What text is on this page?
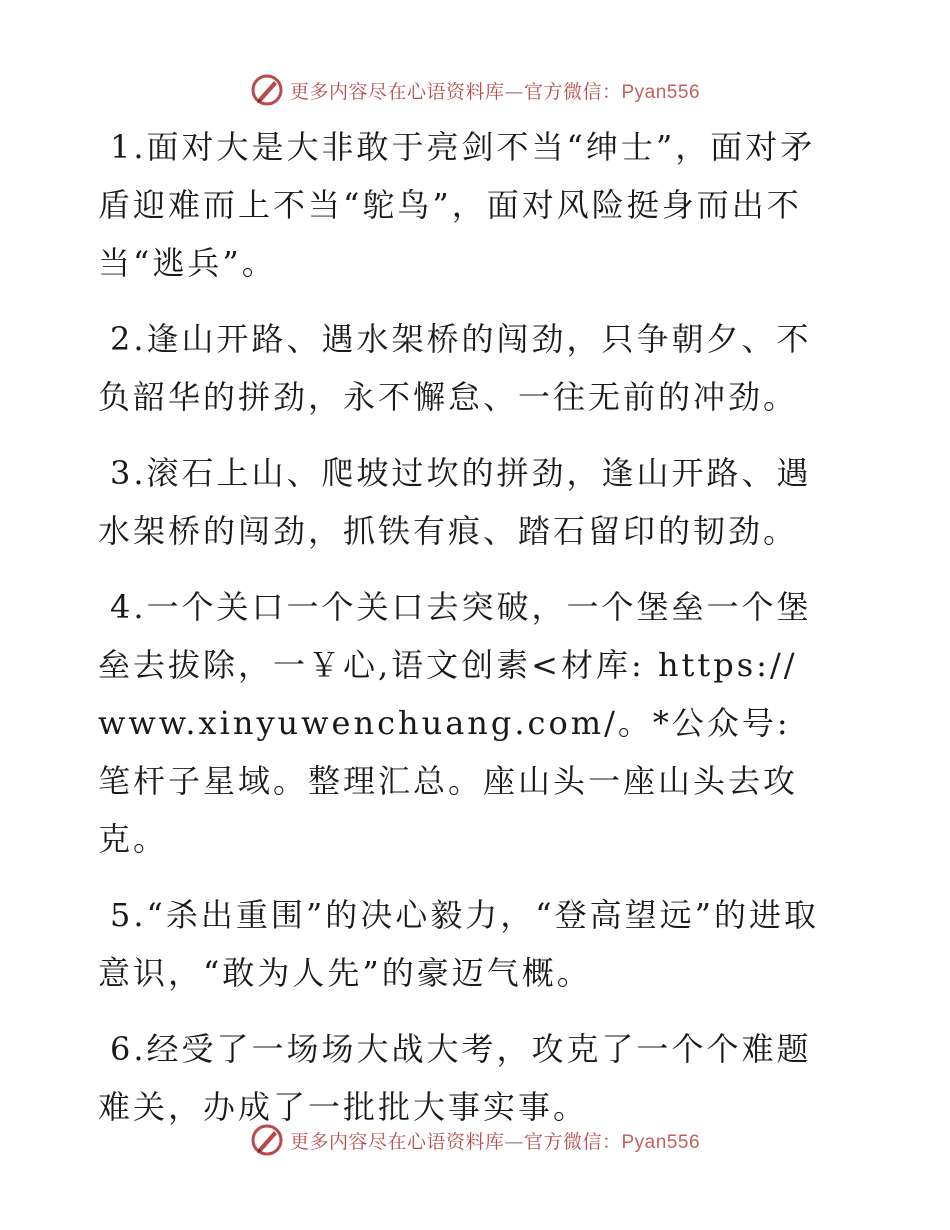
更多内容尽在心语资料库—官方微信：Pyan556

1.面对大是大非敢于亮剑不当“绅士”，面对矛盾迎难而上不当“鸵鸟”，面对风险挺身而出不当“逃兵”。

2.逢山开路、遇水架桥的闯劲，只争朝夕、不负韶华的拼劲，永不懈怠、一往无前的冲劲。

3.滚石上山、爬坡过坎的拼劲，逢山开路、遇水架桥的闯劲，抓铁有痕、踏石留印的韧劲。

4.一个关口一个关口去突破，一个堡垒一个堡垒去拔除，一￥心,语文创素<材库: https:// www.xinyuwenchuang.com/。*公众号: 笔杆子星域。整理汇总。座山头一座山头去攻克。

5.“杀出重围”的决心毅力，“登高望远”的进取意识，“敢为人先”的豪迈气概。

6.经受了一场场大战大考，攻克了一个个难题难关，办成了一批批大事实事。

更多内容尽在心语资料库—官方微信：Pyan556
